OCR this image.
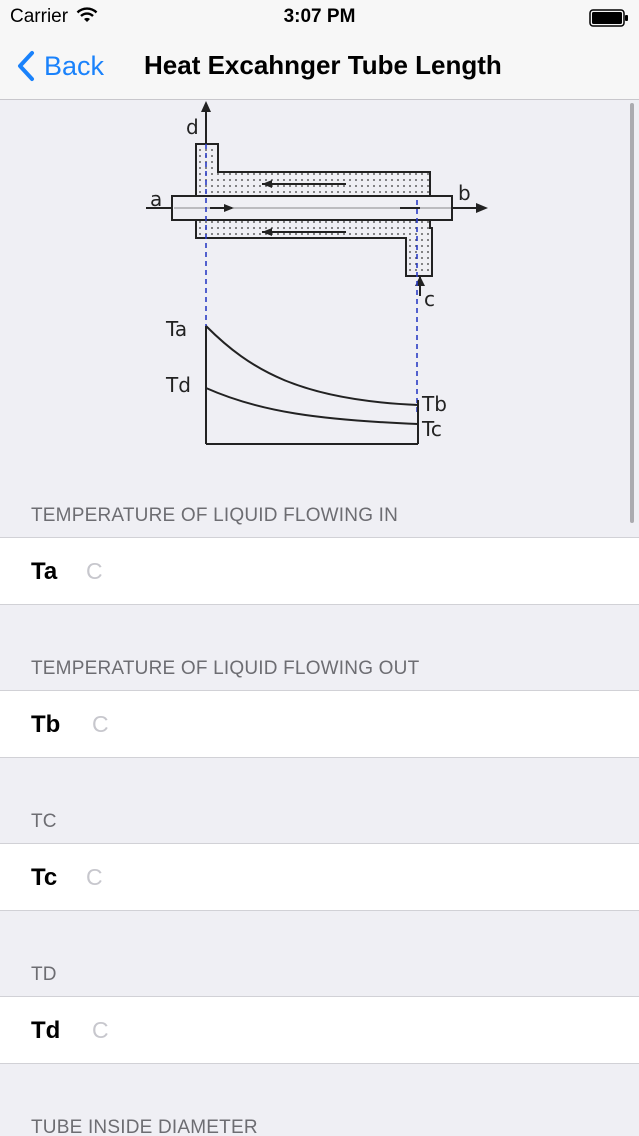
Carrier	3:07 PM
Back Heat Excahnger Tube Length
d
a	b
c
Ta
Td
Tb
Tc
TEMPERATURE OF LIQUID FLOWING IN
Ta C
TEMPERATURE OF LIQUID FLOWING OUT
Tb C
TC
Tc C
TD
Td C
TUBE INSIDE DIAMETER
